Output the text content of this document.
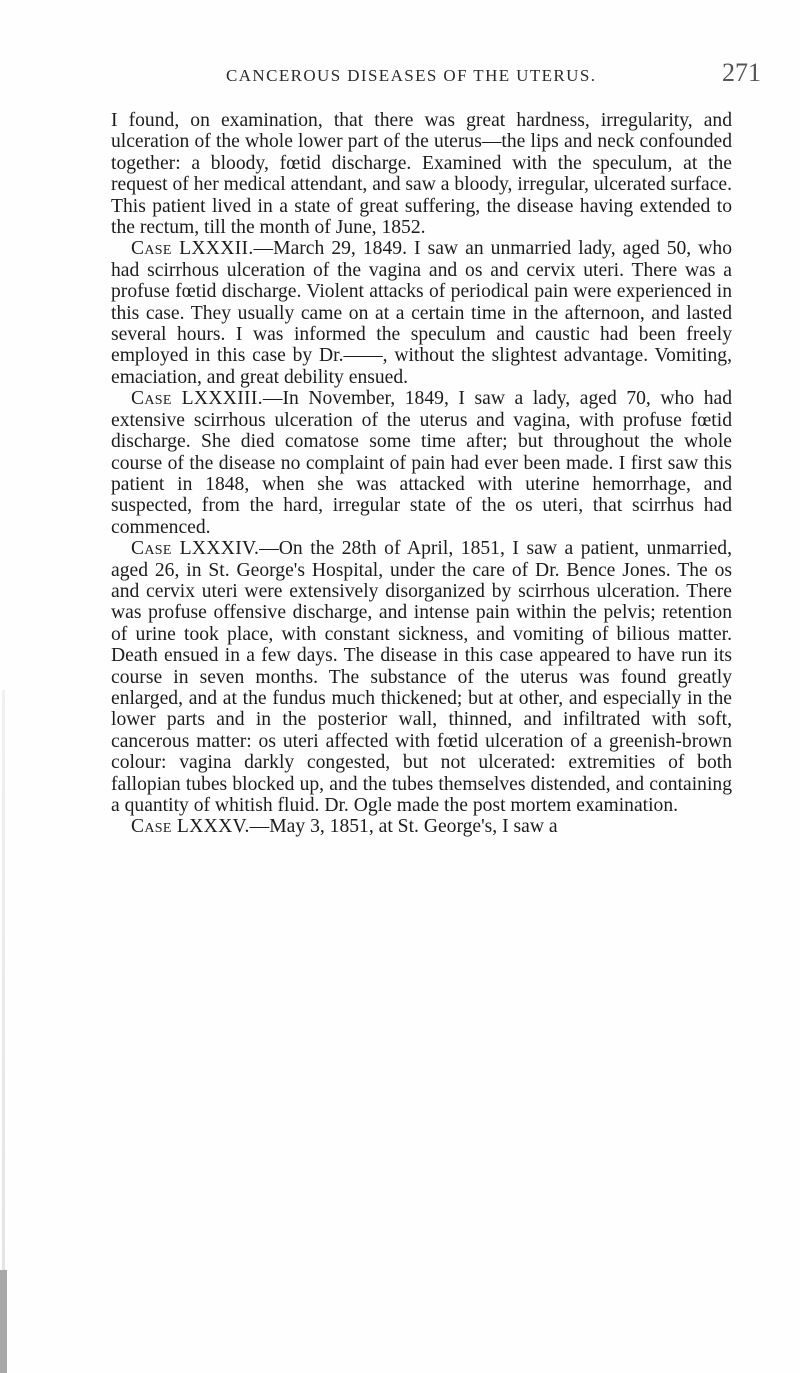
CANCEROUS DISEASES OF THE UTERUS.	271

I found, on examination, that there was great hardness, irregularity, and ulceration of the whole lower part of the uterus—the lips and neck confounded together: a bloody, fœtid discharge. Examined with the speculum, at the request of her medical attendant, and saw a bloody, irregular, ulcerated surface. This patient lived in a state of great suffering, the disease having extended to the rectum, till the month of June, 1852.

Case LXXXII.—March 29, 1849. I saw an unmarried lady, aged 50, who had scirrhous ulceration of the vagina and os and cervix uteri. There was a profuse fœtid discharge. Violent attacks of periodical pain were experienced in this case. They usually came on at a certain time in the afternoon, and lasted several hours. I was informed the speculum and caustic had been freely employed in this case by Dr.——, without the slightest advantage. Vomiting, emaciation, and great debility ensued.

Case LXXXIII.—In November, 1849, I saw a lady, aged 70, who had extensive scirrhous ulceration of the uterus and vagina, with profuse fœtid discharge. She died comatose some time after; but throughout the whole course of the disease no complaint of pain had ever been made. I first saw this patient in 1848, when she was attacked with uterine hemorrhage, and suspected, from the hard, irregular state of the os uteri, that scirrhus had commenced.

Case LXXXIV.—On the 28th of April, 1851, I saw a patient, unmarried, aged 26, in St. George's Hospital, under the care of Dr. Bence Jones. The os and cervix uteri were extensively disorganized by scirrhous ulceration. There was profuse offensive discharge, and intense pain within the pelvis; retention of urine took place, with constant sickness, and vomiting of bilious matter. Death ensued in a few days. The disease in this case appeared to have run its course in seven months. The substance of the uterus was found greatly enlarged, and at the fundus much thickened; but at other, and especially in the lower parts and in the posterior wall, thinned, and infiltrated with soft, cancerous matter: os uteri affected with fœtid ulceration of a greenish-brown colour: vagina darkly congested, but not ulcerated: extremities of both fallopian tubes blocked up, and the tubes themselves distended, and containing a quantity of whitish fluid. Dr. Ogle made the post mortem examination.

Case LXXXV.—May 3, 1851, at St. George's, I saw a
